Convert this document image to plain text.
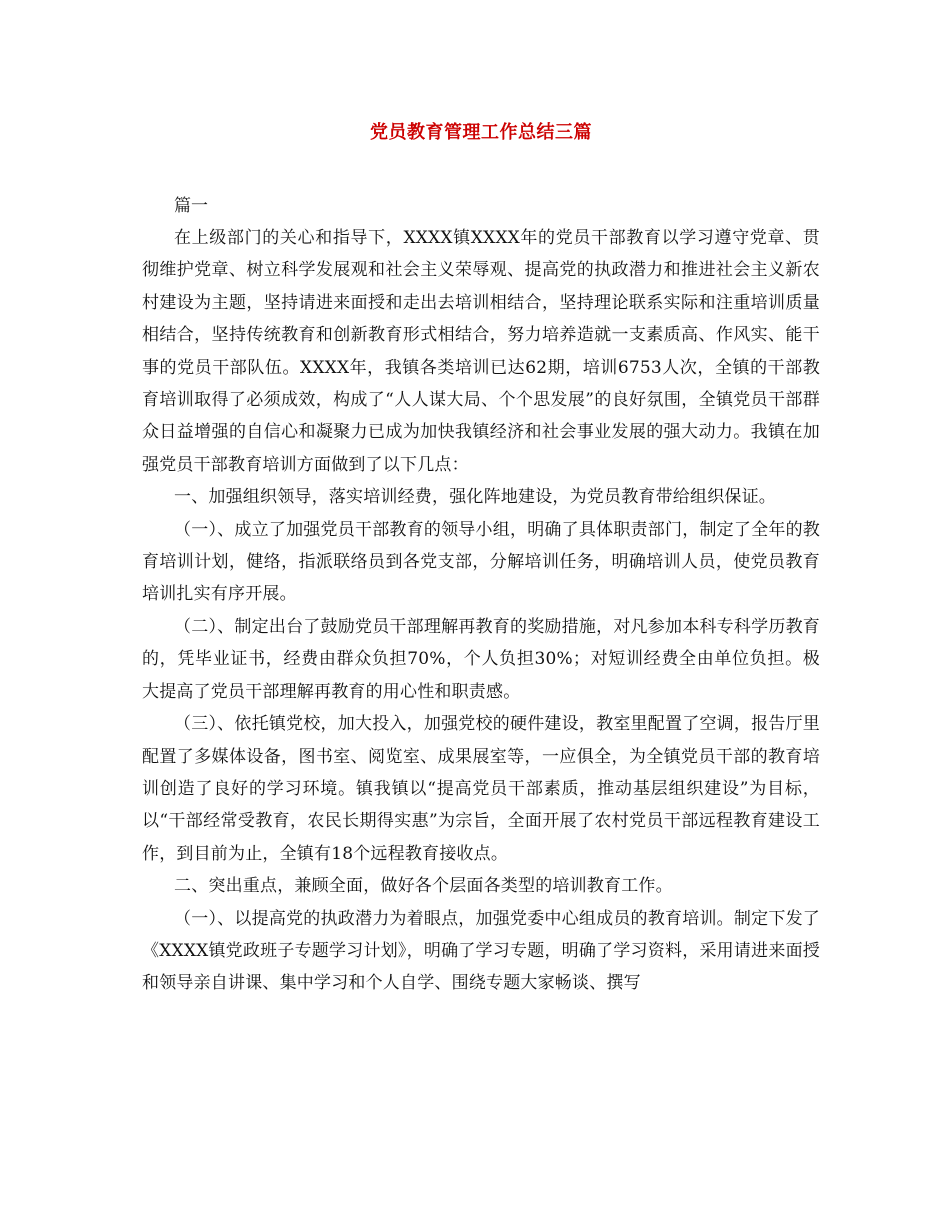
党员教育管理工作总结三篇

篇一

在上级部门的关心和指导下，XXXX镇XXXX年的党员干部教育以学习遵守党章、贯彻维护党章、树立科学发展观和社会主义荣辱观、提高党的执政潜力和推进社会主义新农村建设为主题，坚持请进来面授和走出去培训相结合，坚持理论联系实际和注重培训质量相结合，坚持传统教育和创新教育形式相结合，努力培养造就一支素质高、作风实、能干事的党员干部队伍。XXXX年，我镇各类培训已达62期，培训6753人次，全镇的干部教育培训取得了必须成效，构成了“人人谋大局、个个思发展”的良好氛围，全镇党员干部群众日益增强的自信心和凝聚力已成为加快我镇经济和社会事业发展的强大动力。我镇在加强党员干部教育培训方面做到了以下几点：

一、加强组织领导，落实培训经费，强化阵地建设，为党员教育带给组织保证。

（一）、成立了加强党员干部教育的领导小组，明确了具体职责部门，制定了全年的教育培训计划，健络，指派联络员到各党支部，分解培训任务，明确培训人员，使党员教育培训扎实有序开展。

（二）、制定出台了鼓励党员干部理解再教育的奖励措施，对凡参加本科专科学历教育的，凭毕业证书，经费由群众负担70%，个人负担30%；对短训经费全由单位负担。极大提高了党员干部理解再教育的用心性和职责感。

（三）、依托镇党校，加大投入，加强党校的硬件建设，教室里配置了空调，报告厅里配置了多媒体设备，图书室、阅览室、成果展室等，一应俱全，为全镇党员干部的教育培训创造了良好的学习环境。镇我镇以“提高党员干部素质，推动基层组织建设”为目标，以“干部经常受教育，农民长期得实惠”为宗旨，全面开展了农村党员干部远程教育建设工作，到目前为止，全镇有18个远程教育接收点。

二、突出重点，兼顾全面，做好各个层面各类型的培训教育工作。

（一）、以提高党的执政潜力为着眼点，加强党委中心组成员的教育培训。制定下发了《XXXX镇党政班子专题学习计划》，明确了学习专题，明确了学习资料，采用请进来面授和领导亲自讲课、集中学习和个人自学、围绕专题大家畅谈、撰写
